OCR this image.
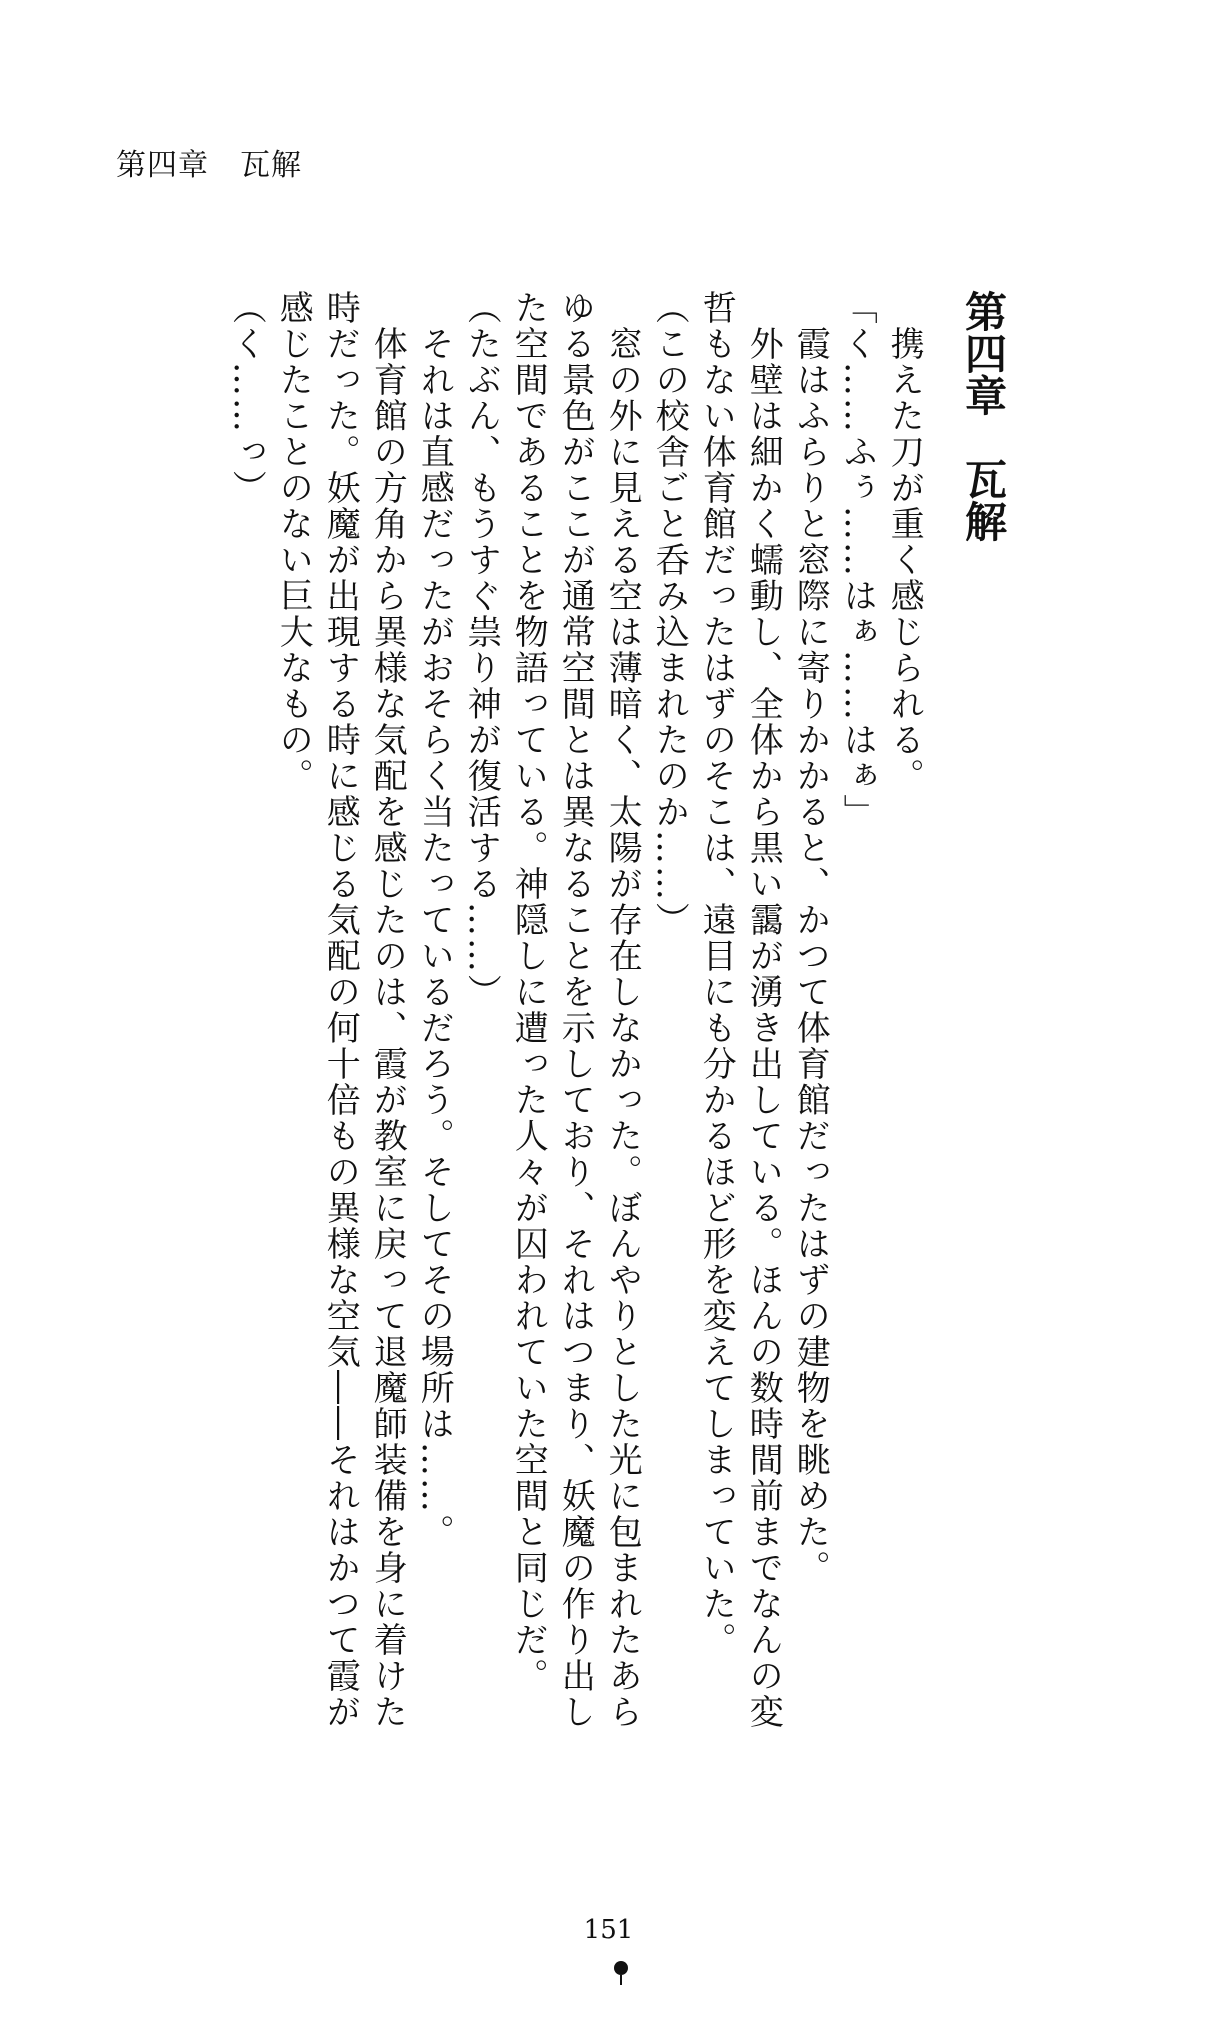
第四章　瓦解
第四章　瓦解
　携えた刀が重く感じられる。
「く……ふぅ……はぁ……はぁ」
　霞はふらりと窓際に寄りかかると、かつて体育館だったはずの建物を眺めた。
　外壁は細かく蠕動し、全体から黒い靄が湧き出している。ほんの数時間前までなんの変
哲もない体育館だったはずのそこは、遠目にも分かるほど形を変えてしまっていた。
（この校舎ごと呑み込まれたのか……）
　窓の外に見える空は薄暗く、太陽が存在しなかった。ぼんやりとした光に包まれたあら
ゆる景色がここが通常空間とは異なることを示しており、それはつまり、妖魔の作り出し
た空間であることを物語っている。神隠しに遭った人々が囚われていた空間と同じだ。
（たぶん、もうすぐ祟り神が復活する……）
　それは直感だったがおそらく当たっているだろう。そしてその場所は……。
　体育館の方角から異様な気配を感じたのは、霞が教室に戻って退魔師装備を身に着けた
時だった。妖魔が出現する時に感じる気配の何十倍もの異様な空気――それはかつて霞が
感じたことのない巨大なもの。
（く……っ）
151
